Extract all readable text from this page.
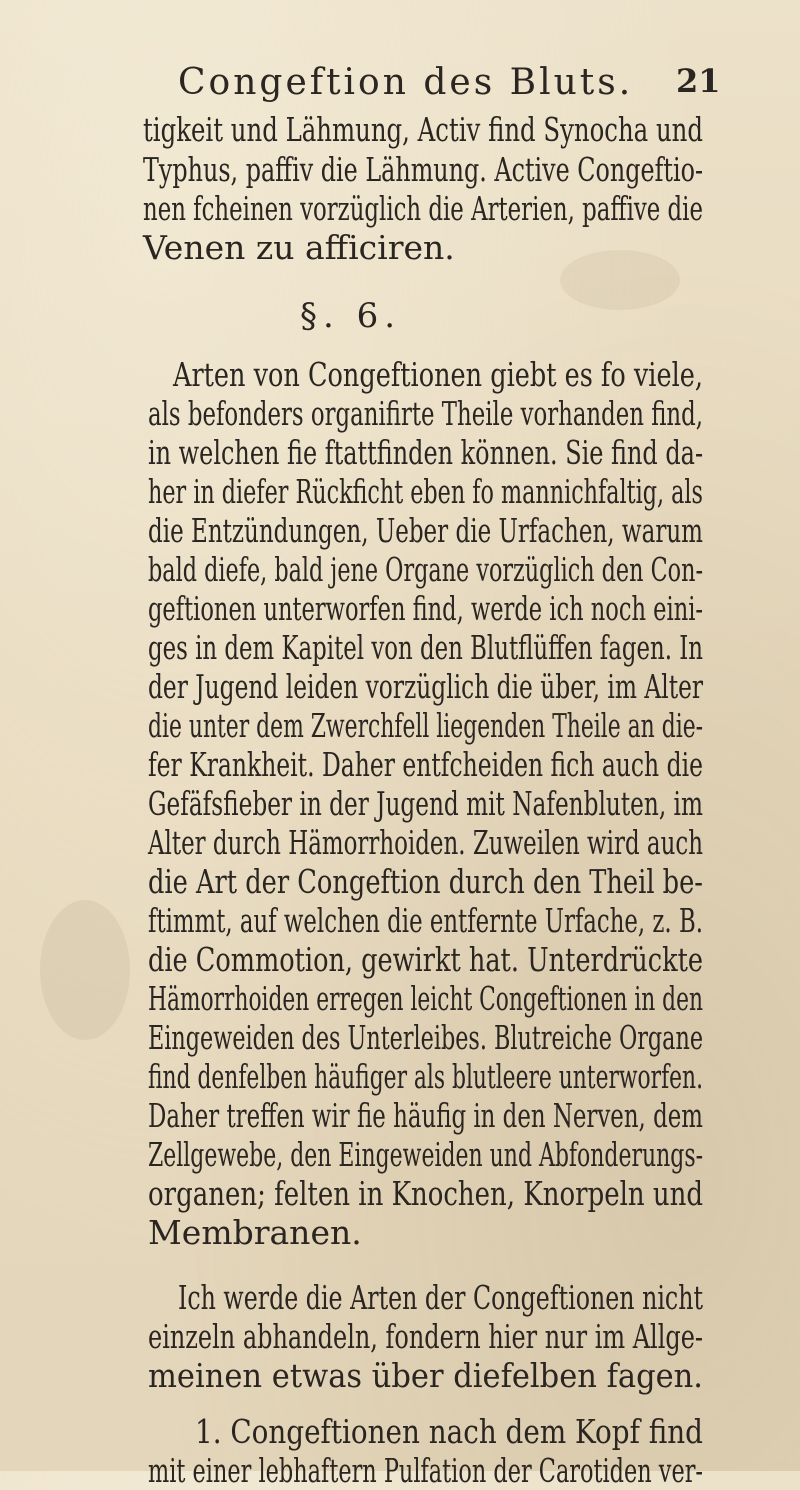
Congeftion des Bluts. 21
tigkeit und Lähmung, Activ find Synocha und
Typhus, paffiv die Lähmung. Active Congeftio-
nen fcheinen vorzüglich die Arterien, paffive die
Venen zu afficiren.
§. 6.
Arten von Congeftionen giebt es fo viele,
als befonders organifirte Theile vorhanden find,
in welchen fie ftattfinden können. Sie find da-
her in diefer Rückficht eben fo mannichfaltig, als
die Entzündungen, Ueber die Urfachen, warum
bald diefe, bald jene Organe vorzüglich den Con-
geftionen unterworfen find, werde ich noch eini-
ges in dem Kapitel von den Blutflüffen fagen. In
der Jugend leiden vorzüglich die über, im Alter
die unter dem Zwerchfell liegenden Theile an die-
fer Krankheit. Daher entfcheiden fich auch die
Gefäfsfieber in der Jugend mit Nafenbluten, im
Alter durch Hämorrhoiden. Zuweilen wird auch
die Art der Congeftion durch den Theil be-
ftimmt, auf welchen die entfernte Urfache, z. B.
die Commotion, gewirkt hat. Unterdrückte
Hämorrhoiden erregen leicht Congeftionen in den
Eingeweiden des Unterleibes. Blutreiche Organe
find denfelben häufiger als blutleere unterworfen.
Daher treffen wir fie häufig in den Nerven, dem
Zellgewebe, den Eingeweiden und Abfonderungs-
organen; felten in Knochen, Knorpeln und
Membranen.
Ich werde die Arten der Congeftionen nicht
einzeln abhandeln, fondern hier nur im Allge-
meinen etwas über diefelben fagen.
1. Congeftionen nach dem Kopf find
mit einer lebhaftern Pulfation der Carotiden ver-
